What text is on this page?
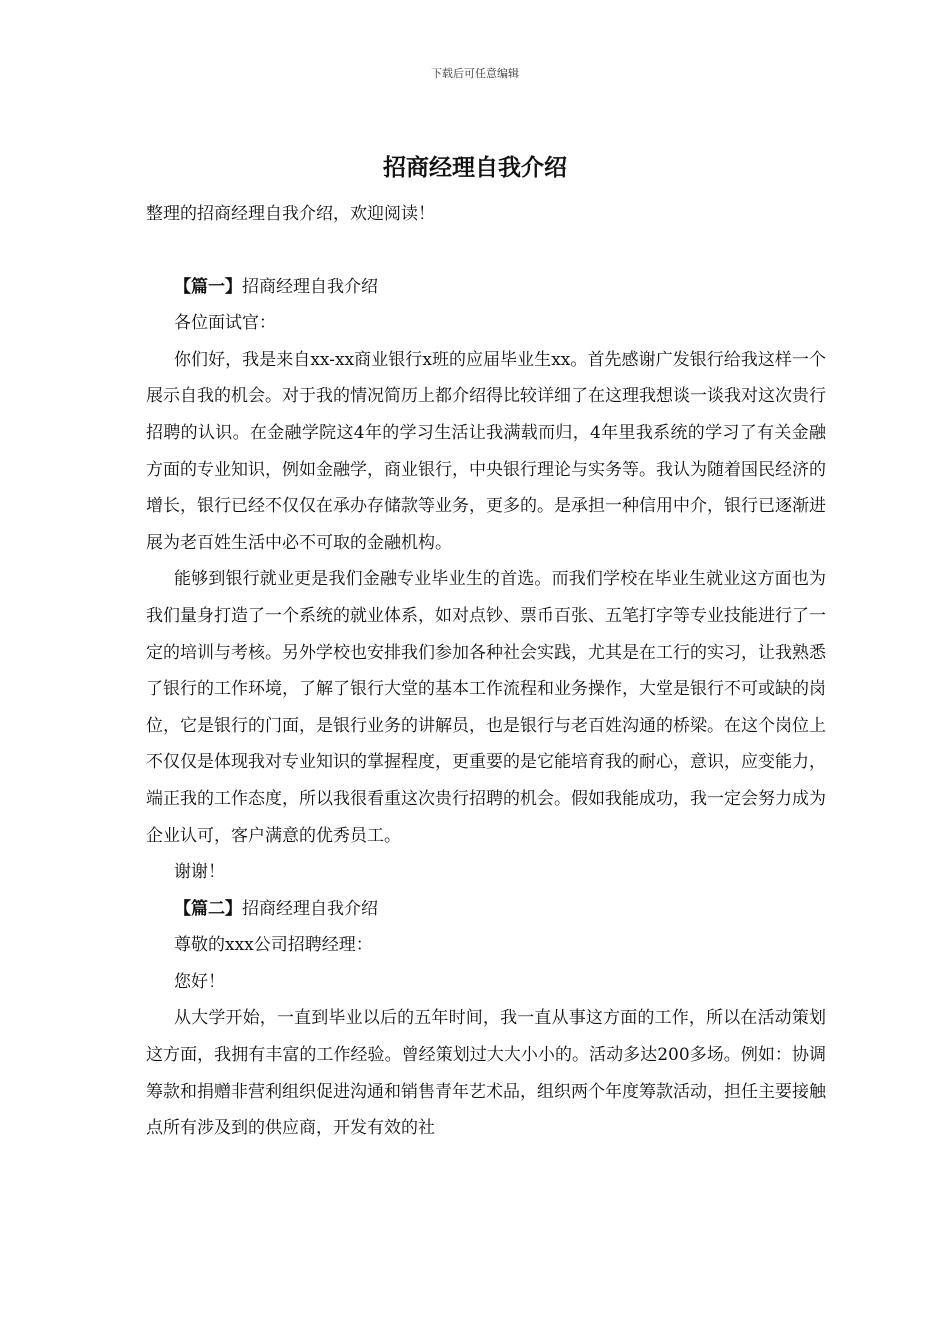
下载后可任意编辑
招商经理自我介绍

整理的招商经理自我介绍，欢迎阅读！

【篇一】招商经理自我介绍

各位面试官：

你们好，我是来自xx-xx商业银行x班的应届毕业生xx。首先感谢广发银行给我这样一个展示自我的机会。对于我的情况简历上都介绍得比较详细了在这理我想谈一谈我对这次贵行招聘的认识。在金融学院这4年的学习生活让我满载而归，4年里我系统的学习了有关金融方面的专业知识，例如金融学，商业银行，中央银行理论与实务等。我认为随着国民经济的增长，银行已经不仅仅在承办存储款等业务，更多的。是承担一种信用中介，银行已逐渐进展为老百姓生活中必不可取的金融机构。

能够到银行就业更是我们金融专业毕业生的首选。而我们学校在毕业生就业这方面也为我们量身打造了一个系统的就业体系，如对点钞、票币百张、五笔打字等专业技能进行了一定的培训与考核。另外学校也安排我们参加各种社会实践，尤其是在工行的实习，让我熟悉了银行的工作环境，了解了银行大堂的基本工作流程和业务操作，大堂是银行不可或缺的岗位，它是银行的门面，是银行业务的讲解员，也是银行与老百姓沟通的桥梁。在这个岗位上不仅仅是体现我对专业知识的掌握程度，更重要的是它能培育我的耐心，意识，应变能力，端正我的工作态度，所以我很看重这次贵行招聘的机会。假如我能成功，我一定会努力成为企业认可，客户满意的优秀员工。

谢谢！

【篇二】招商经理自我介绍

尊敬的xxx公司招聘经理：

您好！

从大学开始，一直到毕业以后的五年时间，我一直从事这方面的工作，所以在活动策划这方面，我拥有丰富的工作经验。曾经策划过大大小小的。活动多达200多场。例如：协调筹款和捐赠非营利组织促进沟通和销售青年艺术品，组织两个年度筹款活动，担任主要接触点所有涉及到的供应商，开发有效的社
